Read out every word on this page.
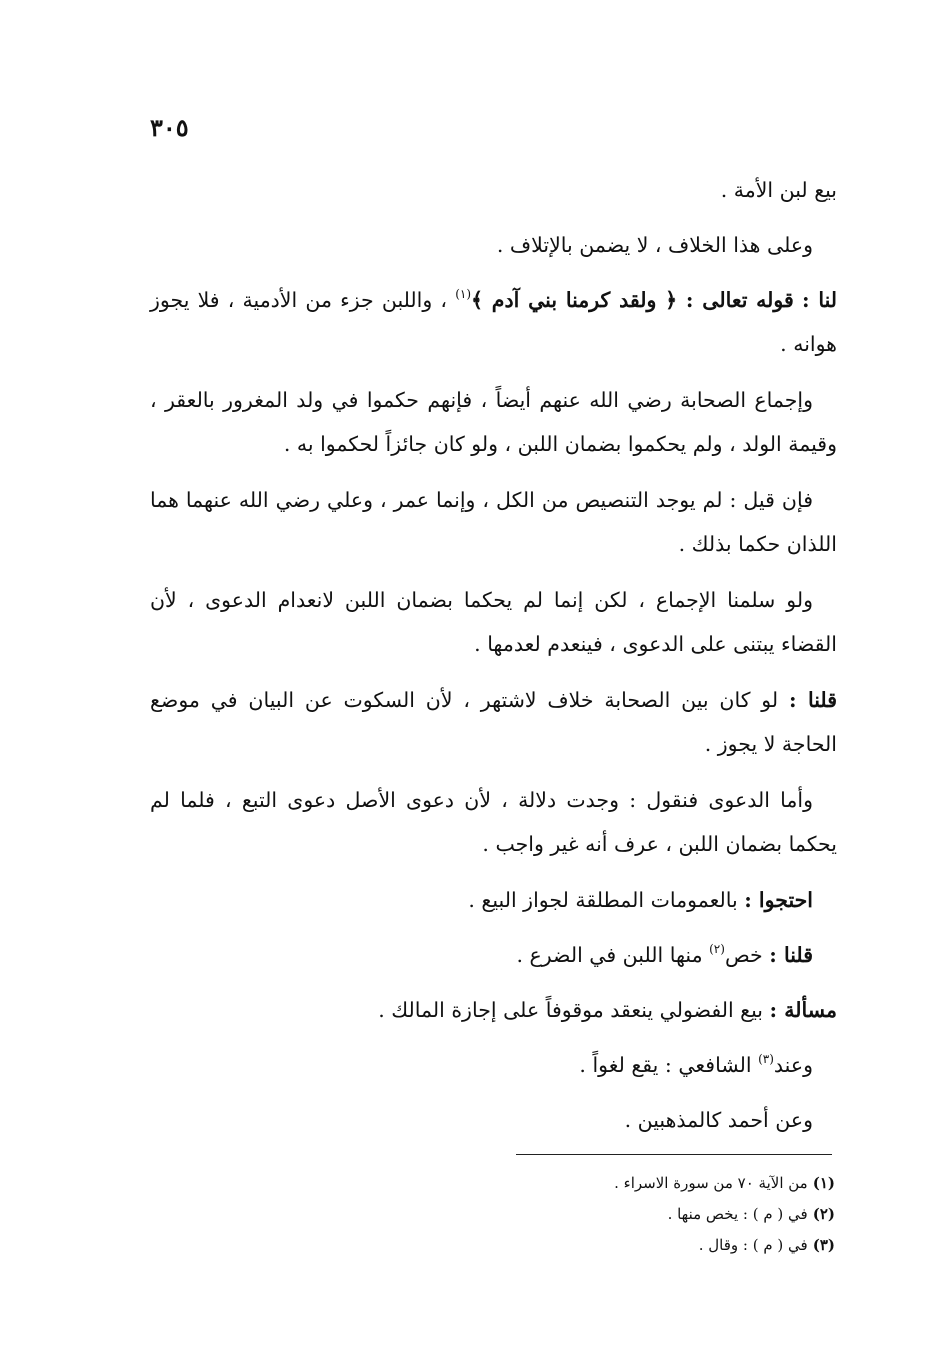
٣٠٥

بيع لبن الأمة .

وعلى هذا الخلاف ، لا يضمن بالإتلاف .

لنا : قوله تعالى : ﴿ ولقد كرمنا بني آدم ﴾$^{(١)}$ ، واللبن جزء من الأدمية ، فلا يجوز هوانه .

وإجماع الصحابة رضي الله عنهم أيضاً ، فإنهم حكموا في ولد المغرور بالعقر ، وقيمة الولد ، ولم يحكموا بضمان اللبن ، ولو كان جائزاً لحكموا به .

فإن قيل : لم يوجد التنصيص من الكل ، وإنما عمر ، وعلي رضي الله عنهما هما اللذان حكما بذلك .

ولو سلمنا الإجماع ، لكن إنما لم يحكما بضمان اللبن لانعدام الدعوى ، لأن القضاء يبتنى على الدعوى ، فينعدم لعدمها .

قلنا : لو كان بين الصحابة خلاف لاشتهر ، لأن السكوت عن البيان في موضع الحاجة لا يجوز .

وأما الدعوى فنقول : وجدت دلالة ، لأن دعوى الأصل دعوى التبع ، فلما لم يحكما بضمان اللبن ، عرف أنه غير واجب .

احتجوا : بالعمومات المطلقة لجواز البيع .

قلنا : خص$^{(٢)}$ منها اللبن في الضرع .

مسألة : بيع الفضولي ينعقد موقوفاً على إجازة المالك .

وعند$^{(٣)}$ الشافعي : يقع لغواً .

وعن أحمد كالمذهبين .

(١)من الآية ٧٠ من سورة الاسراء .

(٢)في ( م ) : يخص منها .

(٣)في ( م ) : وقال .
